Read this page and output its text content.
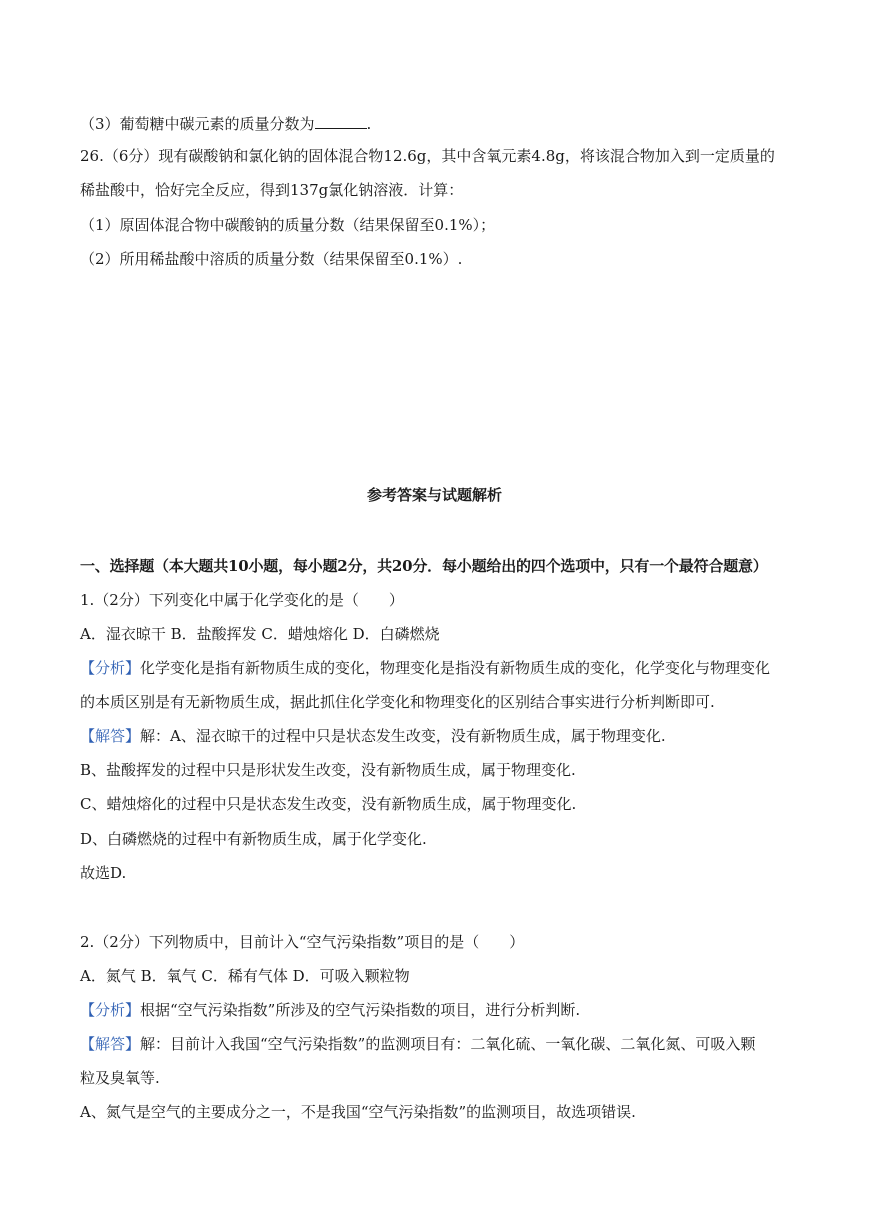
（3）葡萄糖中碳元素的质量分数为	.
26.（6分）现有碳酸钠和氯化钠的固体混合物12.6g，其中含氧元素4.8g，将该混合物加入到一定质量的
稀盐酸中，恰好完全反应，得到137g氯化钠溶液．计算：
（1）原固体混合物中碳酸钠的质量分数（结果保留至0.1%）；
（2）所用稀盐酸中溶质的质量分数（结果保留至0.1%）.
参考答案与试题解析
一、选择题（本大题共10小题，每小题2分，共20分．每小题给出的四个选项中，只有一个最符合题意）
1.（2分）下列变化中属于化学变化的是（　　）
A．湿衣晾干 B．盐酸挥发 C．蜡烛熔化 D．白磷燃烧
【分析】化学变化是指有新物质生成的变化，物理变化是指没有新物质生成的变化，化学变化与物理变化
的本质区别是有无新物质生成，据此抓住化学变化和物理变化的区别结合事实进行分析判断即可.
【解答】解：A、湿衣晾干的过程中只是状态发生改变，没有新物质生成，属于物理变化.
B、盐酸挥发的过程中只是形状发生改变，没有新物质生成，属于物理变化.
C、蜡烛熔化的过程中只是状态发生改变，没有新物质生成，属于物理变化.
D、白磷燃烧的过程中有新物质生成，属于化学变化.
故选D.
2.（2分）下列物质中，目前计入“空气污染指数”项目的是（　　）
A．氮气 B．氧气 C．稀有气体 D．可吸入颗粒物
【分析】根据“空气污染指数”所涉及的空气污染指数的项目，进行分析判断.
【解答】解：目前计入我国“空气污染指数”的监测项目有：二氧化硫、一氧化碳、二氧化氮、可吸入颗
粒及臭氧等.
A、氮气是空气的主要成分之一，不是我国“空气污染指数”的监测项目，故选项错误.
